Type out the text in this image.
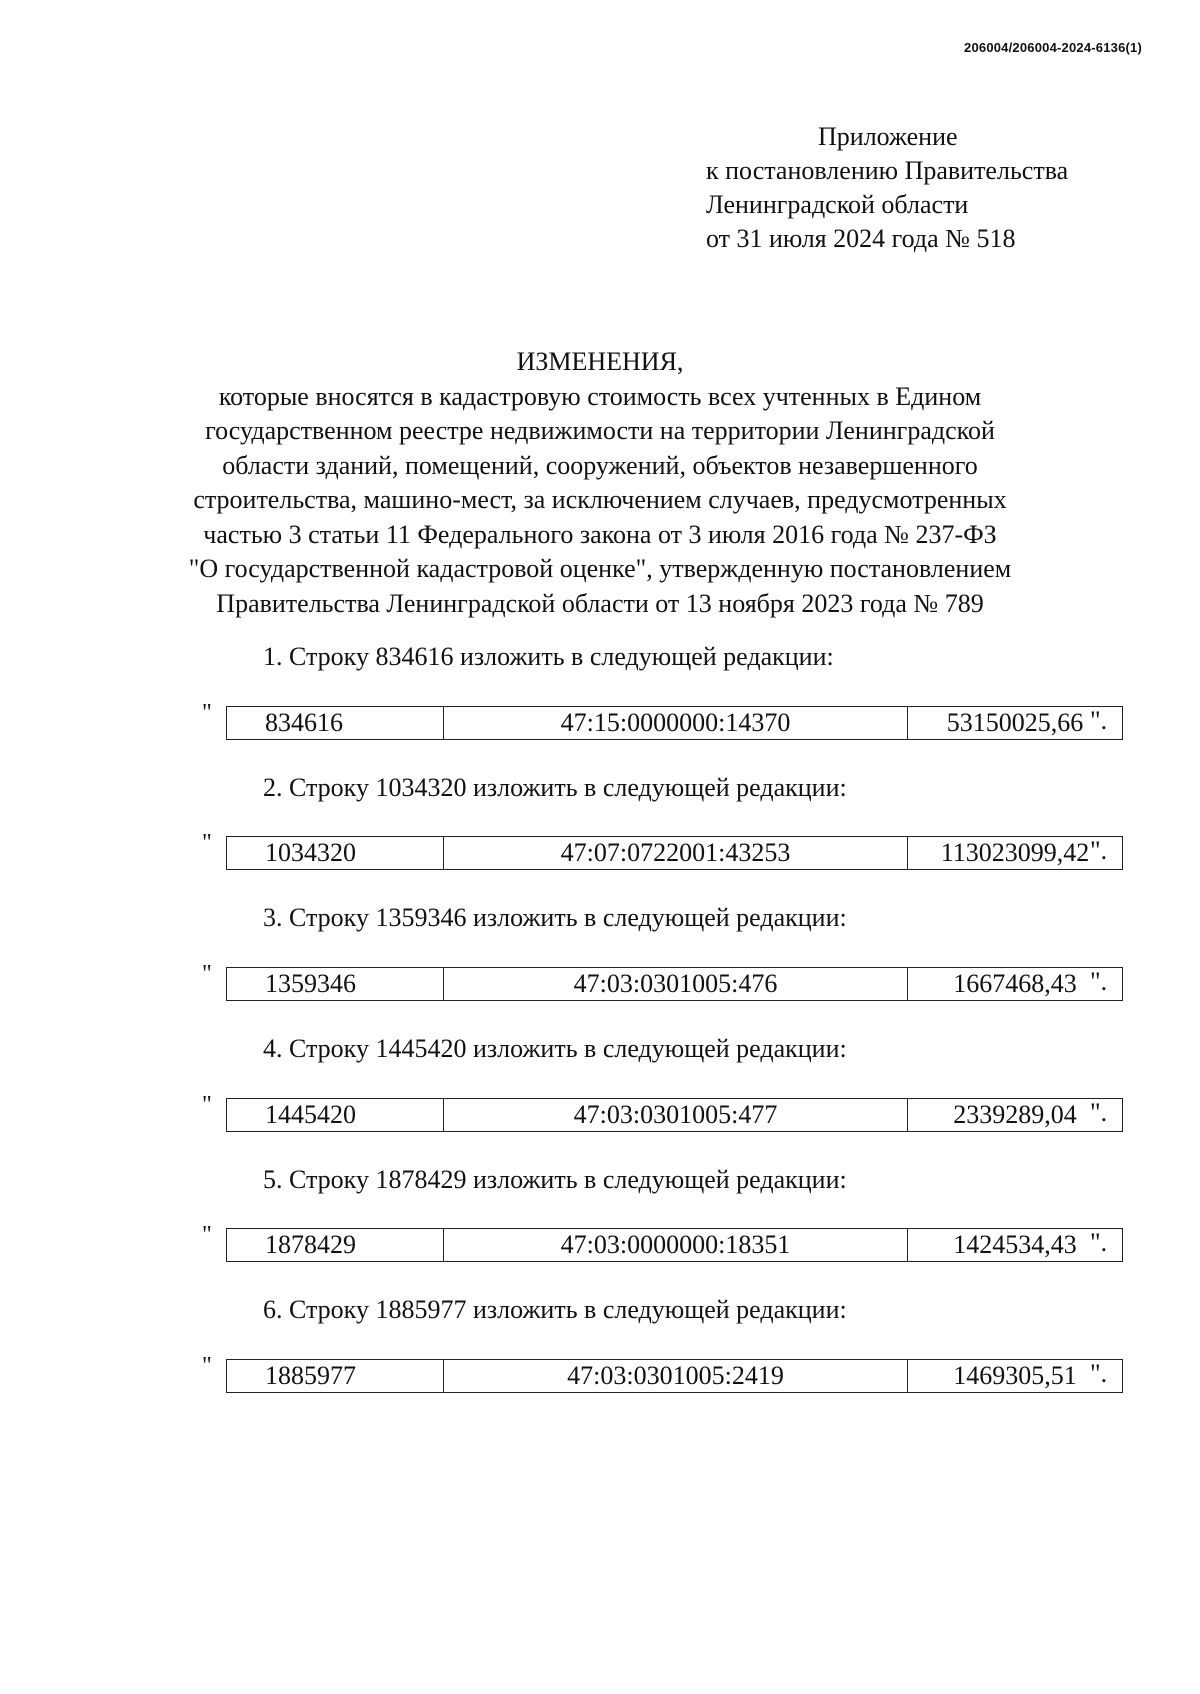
206004/206004-2024-6136(1)
Приложение
к постановлению Правительства
Ленинградской области
от 31 июля 2024 года № 518
ИЗМЕНЕНИЯ,
которые вносятся в кадастровую стоимость всех учтенных в Едином
государственном реестре недвижимости на территории Ленинградской
области зданий, помещений, сооружений, объектов незавершенного
строительства, машино-мест, за исключением случаев, предусмотренных
частью 3 статьи 11 Федерального закона от 3 июля 2016 года № 237-ФЗ
"О государственной кадастровой оценке", утвержденную постановлением
Правительства Ленинградской области от 13 ноября 2023 года № 789
1. Строку 834616 изложить в следующей редакции:
" 834616	47:15:0000000:14370	53150025,66 ".
2. Строку 1034320 изложить в следующей редакции:
" 1034320	47:07:0722001:43253	113023099,42 ".
3. Строку 1359346 изложить в следующей редакции:
" 1359346	47:03:0301005:476	1667468,43 ".
4. Строку 1445420 изложить в следующей редакции:
" 1445420	47:03:0301005:477	2339289,04 ".
5. Строку 1878429 изложить в следующей редакции:
" 1878429	47:03:0000000:18351	1424534,43 ".
6. Строку 1885977 изложить в следующей редакции:
" 1885977	47:03:0301005:2419	1469305,51 ".
